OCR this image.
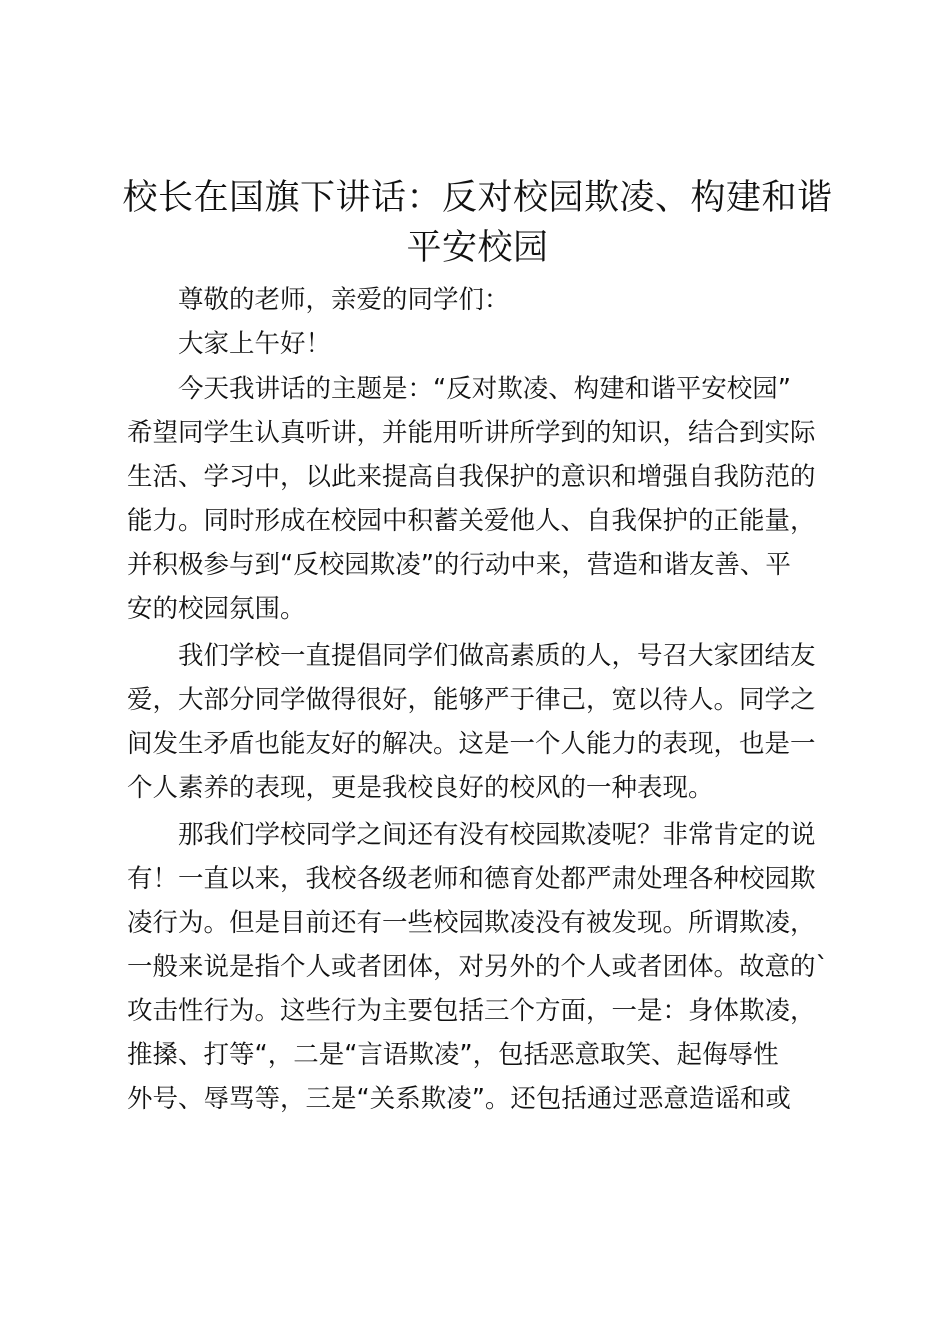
校长在国旗下讲话：反对校园欺凌、构建和谐
平安校园
尊敬的老师，亲爱的同学们：
大家上午好！
今天我讲话的主题是：“反对欺凌、构建和谐平安校园”
希望同学生认真听讲，并能用听讲所学到的知识，结合到实际
生活、学习中，以此来提高自我保护的意识和增强自我防范的
能力。同时形成在校园中积蓄关爱他人、自我保护的正能量，
并积极参与到“反校园欺凌”的行动中来，营造和谐友善、平
安的校园氛围。
我们学校一直提倡同学们做高素质的人，号召大家团结友
爱，大部分同学做得很好，能够严于律己，宽以待人。同学之
间发生矛盾也能友好的解决。这是一个人能力的表现，也是一
个人素养的表现，更是我校良好的校风的一种表现。
那我们学校同学之间还有没有校园欺凌呢？非常肯定的说
有！一直以来，我校各级老师和德育处都严肃处理各种校园欺
凌行为。但是目前还有一些校园欺凌没有被发现。所谓欺凌，
一般来说是指个人或者团体，对另外的个人或者团体。故意的`
攻击性行为。这些行为主要包括三个方面，一是：身体欺凌，
推搡、打等“，二是“言语欺凌”，包括恶意取笑、起侮辱性
外号、辱骂等，三是“关系欺凌”。还包括通过恶意造谣和或
